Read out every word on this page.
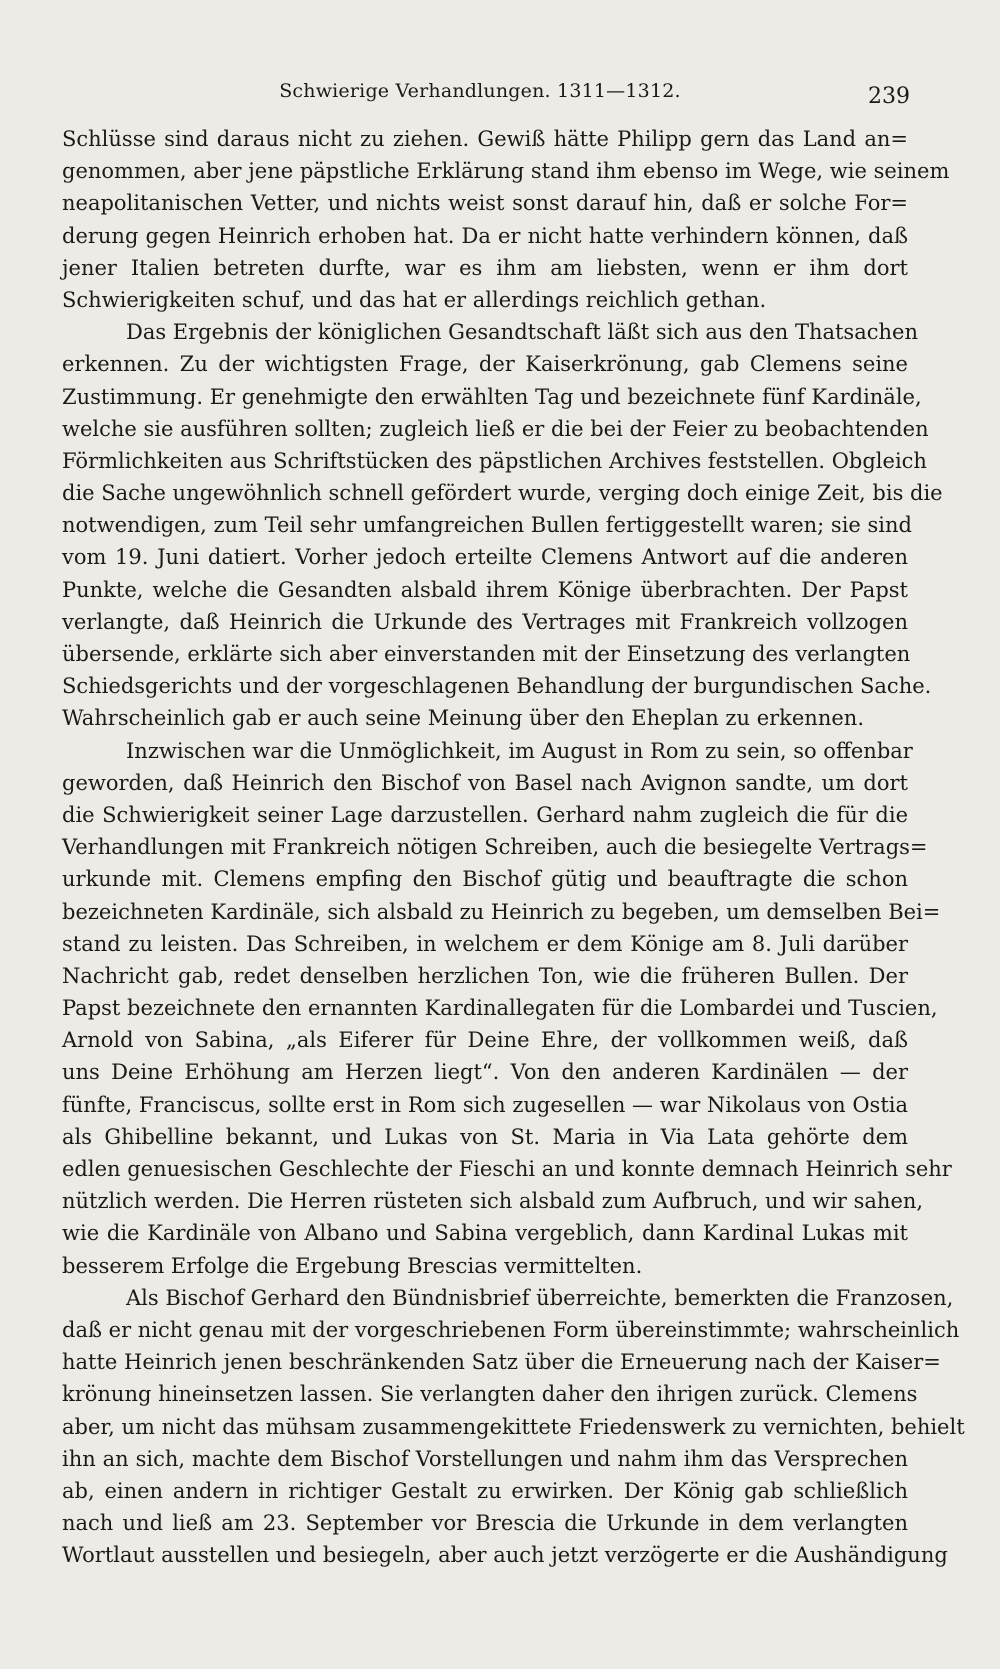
Schwierige Verhandlungen. 1311—1312.	239
Schlüsse sind daraus nicht zu ziehen. Gewiß hätte Philipp gern das Land an=
genommen, aber jene päpstliche Erklärung stand ihm ebenso im Wege, wie seinem
neapolitanischen Vetter, und nichts weist sonst darauf hin, daß er solche For=
derung gegen Heinrich erhoben hat. Da er nicht hatte verhindern können, daß
jener Italien betreten durfte, war es ihm am liebsten, wenn er ihm dort
Schwierigkeiten schuf, und das hat er allerdings reichlich gethan.
Das Ergebnis der königlichen Gesandtschaft läßt sich aus den Thatsachen
erkennen. Zu der wichtigsten Frage, der Kaiserkrönung, gab Clemens seine
Zustimmung. Er genehmigte den erwählten Tag und bezeichnete fünf Kardinäle,
welche sie ausführen sollten; zugleich ließ er die bei der Feier zu beobachtenden
Förmlichkeiten aus Schriftstücken des päpstlichen Archives feststellen. Obgleich
die Sache ungewöhnlich schnell gefördert wurde, verging doch einige Zeit, bis die
notwendigen, zum Teil sehr umfangreichen Bullen fertiggestellt waren; sie sind
vom 19. Juni datiert. Vorher jedoch erteilte Clemens Antwort auf die anderen
Punkte, welche die Gesandten alsbald ihrem Könige überbrachten. Der Papst
verlangte, daß Heinrich die Urkunde des Vertrages mit Frankreich vollzogen
übersende, erklärte sich aber einverstanden mit der Einsetzung des verlangten
Schiedsgerichts und der vorgeschlagenen Behandlung der burgundischen Sache.
Wahrscheinlich gab er auch seine Meinung über den Eheplan zu erkennen.
Inzwischen war die Unmöglichkeit, im August in Rom zu sein, so offenbar
geworden, daß Heinrich den Bischof von Basel nach Avignon sandte, um dort
die Schwierigkeit seiner Lage darzustellen. Gerhard nahm zugleich die für die
Verhandlungen mit Frankreich nötigen Schreiben, auch die besiegelte Vertrags=
urkunde mit. Clemens empfing den Bischof gütig und beauftragte die schon
bezeichneten Kardinäle, sich alsbald zu Heinrich zu begeben, um demselben Bei=
stand zu leisten. Das Schreiben, in welchem er dem Könige am 8. Juli darüber
Nachricht gab, redet denselben herzlichen Ton, wie die früheren Bullen. Der
Papst bezeichnete den ernannten Kardinallegaten für die Lombardei und Tuscien,
Arnold von Sabina, „als Eiferer für Deine Ehre, der vollkommen weiß, daß
uns Deine Erhöhung am Herzen liegt“. Von den anderen Kardinälen — der
fünfte, Franciscus, sollte erst in Rom sich zugesellen — war Nikolaus von Ostia
als Ghibelline bekannt, und Lukas von St. Maria in Via Lata gehörte dem
edlen genuesischen Geschlechte der Fieschi an und konnte demnach Heinrich sehr
nützlich werden. Die Herren rüsteten sich alsbald zum Aufbruch, und wir sahen,
wie die Kardinäle von Albano und Sabina vergeblich, dann Kardinal Lukas mit
besserem Erfolge die Ergebung Brescias vermittelten.
Als Bischof Gerhard den Bündnisbrief überreichte, bemerkten die Franzosen,
daß er nicht genau mit der vorgeschriebenen Form übereinstimmte; wahrscheinlich
hatte Heinrich jenen beschränkenden Satz über die Erneuerung nach der Kaiser=
krönung hineinsetzen lassen. Sie verlangten daher den ihrigen zurück. Clemens
aber, um nicht das mühsam zusammengekittete Friedenswerk zu vernichten, behielt
ihn an sich, machte dem Bischof Vorstellungen und nahm ihm das Versprechen
ab, einen andern in richtiger Gestalt zu erwirken. Der König gab schließlich
nach und ließ am 23. September vor Brescia die Urkunde in dem verlangten
Wortlaut ausstellen und besiegeln, aber auch jetzt verzögerte er die Aushändigung
